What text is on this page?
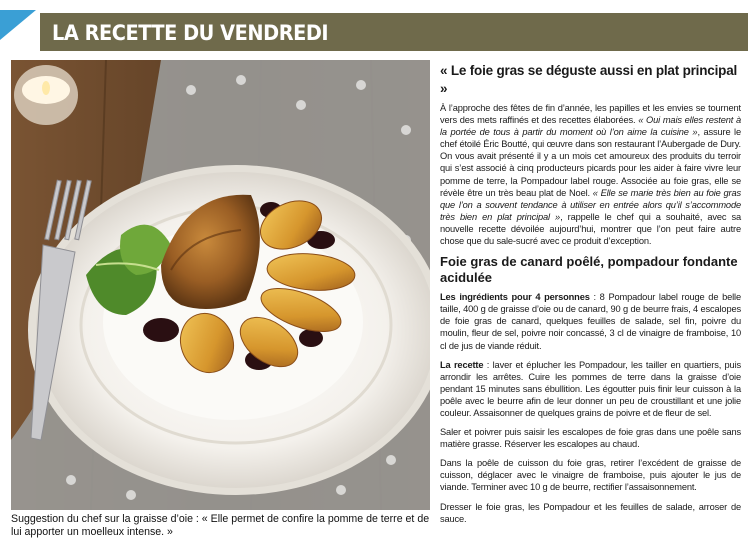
LA RECETTE DU VENDREDI
Suggestion du chef sur la graisse d’oie : « Elle permet de confire la pomme de terre et de lui apporter un moelleux intense. »
« Le foie gras se déguste aussi en plat principal »
À l’approche des fêtes de fin d’année, les papilles et les envies se tournent vers des mets raffinés et des recettes élaborées. « Oui mais elles restent à la portée de tous à partir du moment où l’on aime la cuisine », assure le chef étoilé Éric Boutté, qui œuvre dans son restaurant l’Aubergade de Dury. On vous avait présenté il y a un mois cet amoureux des produits du terroir qui s’est associé à cinq producteurs picards pour les aider à faire vivre leur pomme de terre, la Pompadour label rouge. Associée au foie gras, elle se révèle être un très beau plat de Noel. « Elle se marie très bien au foie gras que l’on a souvent tendance à utiliser en entrée alors qu’il s’accommode très bien en plat principal », rappelle le chef qui a souhaité, avec sa nouvelle recette dévoilée aujourd’hui, montrer que l’on peut faire autre chose que du sale-sucré avec ce produit d’exception.
Foie gras de canard poêlé, pompadour fondante acidulée
Les ingrédients pour 4 personnes : 8 Pompadour label rouge de belle taille, 400 g de graisse d’oie ou de canard, 90 g de beurre frais, 4 escalopes de foie gras de canard, quelques feuilles de salade, sel fin, poivre du moulin, fleur de sel, poivre noir concassé, 3 cl de vinaigre de framboise, 10 cl de jus de viande réduit.
La recette : laver et éplucher les Pompadour, les tailler en quartiers, puis arrondir les arrêtes. Cuire les pommes de terre dans la graisse d’oie pendant 15 minutes sans ébullition. Les égoutter puis finir leur cuisson à la poêle avec le beurre afin de leur donner un peu de croustillant et une jolie couleur. Assaisonner de quelques grains de poivre et de fleur de sel.
Saler et poivrer puis saisir les escalopes de foie gras dans une poêle sans matière grasse. Réserver les escalopes au chaud.
Dans la poêle de cuisson du foie gras, retirer l’excédent de graisse de cuisson, déglacer avec le vinaigre de framboise, puis ajouter le jus de viande. Terminer avec 10 g de beurre, rectifier l’assaisonnement.
Dresser le foie gras, les Pompadour et les feuilles de salade, arroser de sauce.
